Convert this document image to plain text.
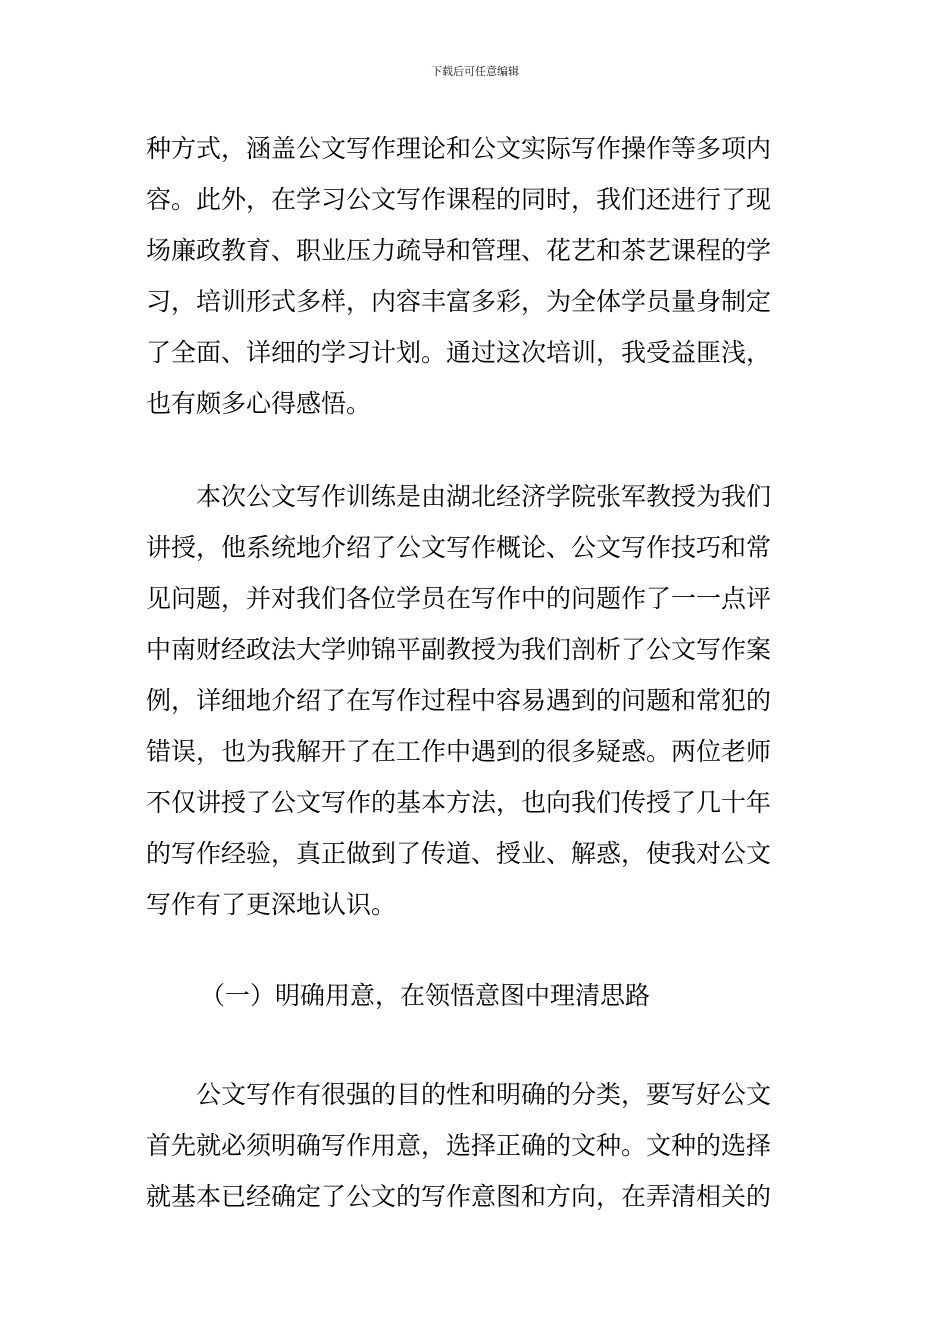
下载后可任意编辑
种方式，涵盖公文写作理论和公文实际写作操作等多项内
容。此外，在学习公文写作课程的同时，我们还进行了现
场廉政教育、职业压力疏导和管理、花艺和茶艺课程的学
习，培训形式多样，内容丰富多彩，为全体学员量身制定
了全面、详细的学习计划。通过这次培训，我受益匪浅，
也有颇多心得感悟。
本次公文写作训练是由湖北经济学院张军教授为我们
讲授，他系统地介绍了公文写作概论、公文写作技巧和常
见问题，并对我们各位学员在写作中的问题作了一一点评
中南财经政法大学帅锦平副教授为我们剖析了公文写作案
例，详细地介绍了在写作过程中容易遇到的问题和常犯的
错误，也为我解开了在工作中遇到的很多疑惑。两位老师
不仅讲授了公文写作的基本方法，也向我们传授了几十年
的写作经验，真正做到了传道、授业、解惑，使我对公文
写作有了更深地认识。
（一）明确用意，在领悟意图中理清思路
公文写作有很强的目的性和明确的分类，要写好公文
首先就必须明确写作用意，选择正确的文种。文种的选择
就基本已经确定了公文的写作意图和方向，在弄清相关的
